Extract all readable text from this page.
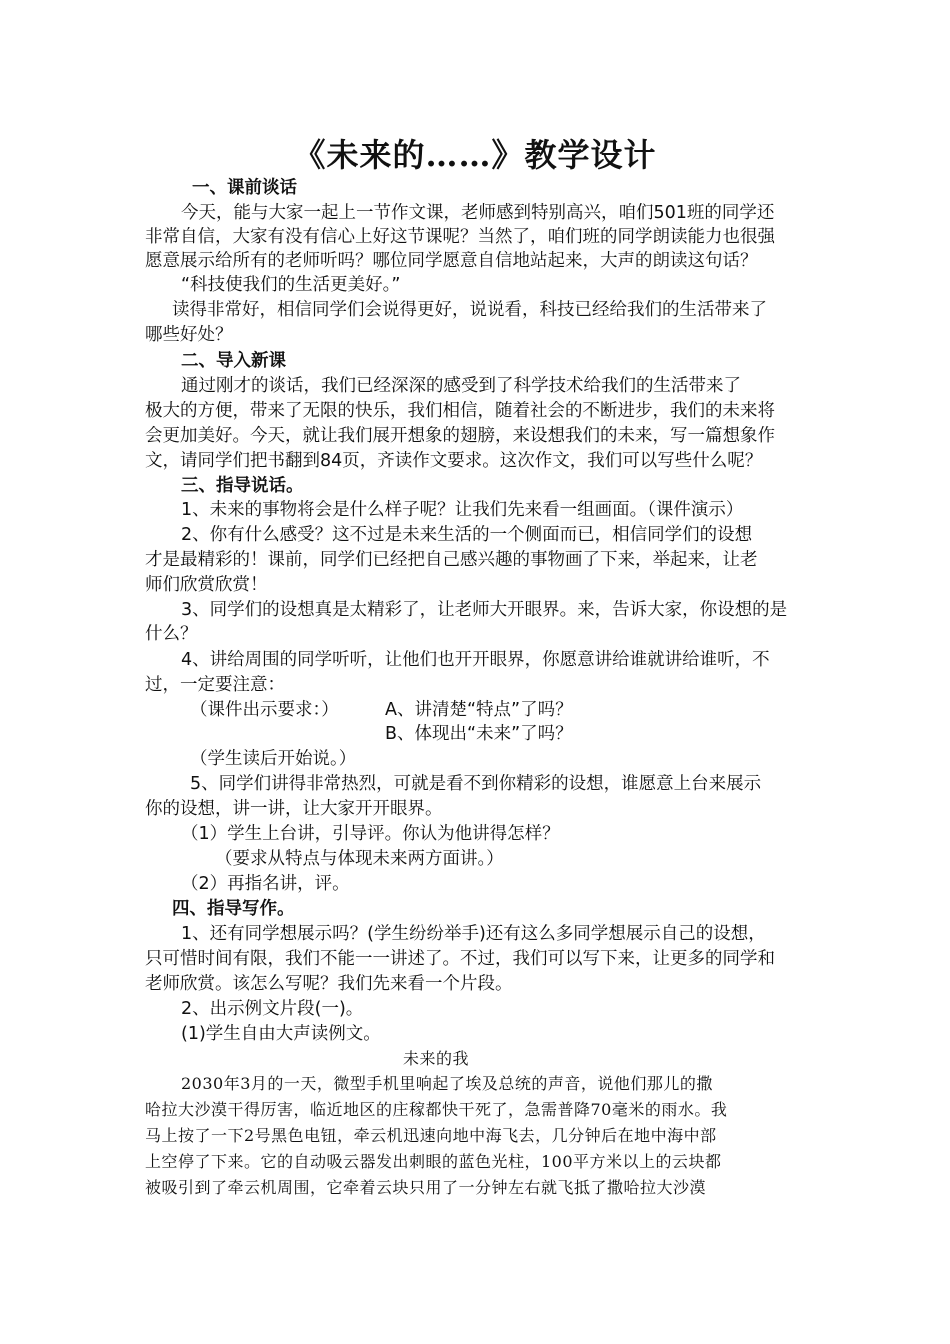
《未来的……》教学设计
一、课前谈话
今天，能与大家一起上一节作文课，老师感到特别高兴，咱们501班的同学还
非常自信，大家有没有信心上好这节课呢？当然了，咱们班的同学朗读能力也很强
愿意展示给所有的老师听吗？哪位同学愿意自信地站起来，大声的朗读这句话？
“科技使我们的生活更美好。”
读得非常好，相信同学们会说得更好，说说看，科技已经给我们的生活带来了
哪些好处？
二、导入新课
通过刚才的谈话，我们已经深深的感受到了科学技术给我们的生活带来了
极大的方便，带来了无限的快乐，我们相信，随着社会的不断进步，我们的未来将
会更加美好。今天，就让我们展开想象的翅膀，来设想我们的未来，写一篇想象作
文，请同学们把书翻到84页，齐读作文要求。这次作文，我们可以写些什么呢？
三、指导说话。
1、未来的事物将会是什么样子呢？让我们先来看一组画面。（课件演示）
2、你有什么感受？这不过是未来生活的一个侧面而已，相信同学们的设想
才是最精彩的！课前，同学们已经把自己感兴趣的事物画了下来，举起来，让老
师们欣赏欣赏！
3、同学们的设想真是太精彩了，让老师大开眼界。来，告诉大家，你设想的是
什么？
4、讲给周围的同学听听，让他们也开开眼界，你愿意讲给谁就讲给谁听，不
过，一定要注意：
（课件出示要求：）	A、讲清楚“特点”了吗？
B、体现出“未来”了吗？
（学生读后开始说。）
5、同学们讲得非常热烈，可就是看不到你精彩的设想，谁愿意上台来展示
你的设想，讲一讲，让大家开开眼界。
（1）学生上台讲，引导评。你认为他讲得怎样？
（要求从特点与体现未来两方面讲。）
（2）再指名讲，评。
四、指导写作。
1、还有同学想展示吗？(学生纷纷举手)还有这么多同学想展示自己的设想，
只可惜时间有限，我们不能一一讲述了。不过，我们可以写下来，让更多的同学和
老师欣赏。该怎么写呢？我们先来看一个片段。
2、出示例文片段(一)。
(1)学生自由大声读例文。
未来的我
2030年3月的一天，微型手机里响起了埃及总统的声音，说他们那儿的撒
哈拉大沙漠干得厉害，临近地区的庄稼都快干死了，急需普降70毫米的雨水。我
马上按了一下2号黑色电钮，牵云机迅速向地中海飞去，几分钟后在地中海中部
上空停了下来。它的自动吸云器发出刺眼的蓝色光柱，100平方米以上的云块都
被吸引到了牵云机周围，它牵着云块只用了一分钟左右就飞抵了撒哈拉大沙漠
